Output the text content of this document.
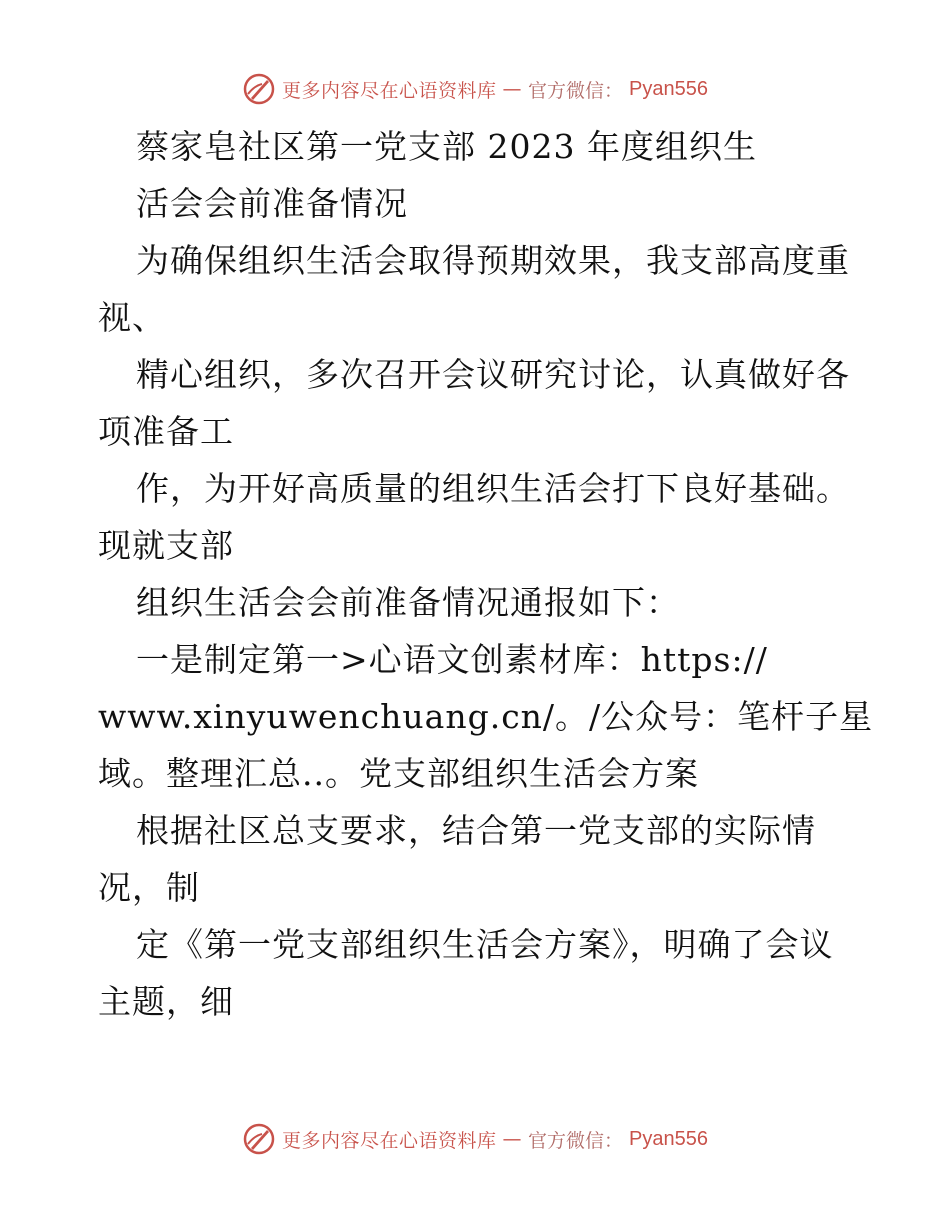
更多内容尽在心语资料库 — 官方微信： Pyan556
蔡家皂社区第一党支部 2023 年度组织生
活会会前准备情况
为确保组织生活会取得预期效果，我支部高度重
视、
精心组织，多次召开会议研究讨论，认真做好各
项准备工
作，为开好高质量的组织生活会打下良好基础。
现就支部
组织生活会会前准备情况通报如下：
一是制定第一>心语文创素材库：https://
www.xinyuwenchuang.cn/。/公众号：笔杆子星
域。整理汇总..。党支部组织生活会方案
根据社区总支要求，结合第一党支部的实际情
况，制
定《第一党支部组织生活会方案》，明确了会议
主题，细
更多内容尽在心语资料库 — 官方微信： Pyan556
